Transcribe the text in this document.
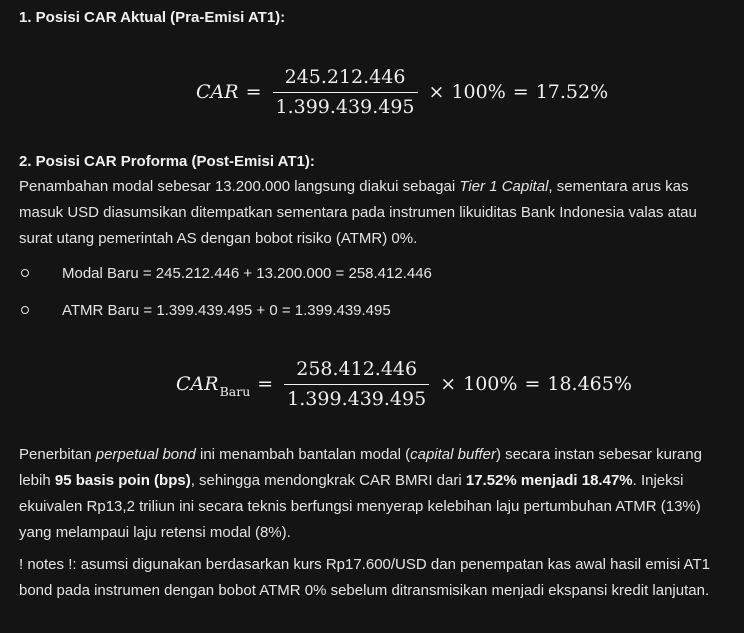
1. Posisi CAR Aktual (Pra-Emisi AT1):
CAR = $\frac{245.212.446}{1.399.439.495} \times 100\% = 17.52\%$
2. Posisi CAR Proforma (Post-Emisi AT1):
Penambahan modal sebesar 13.200.000 langsung diakui sebagai Tier 1 Capital, sementara arus kas masuk USD diasumsikan ditempatkan sementara pada instrumen likuiditas Bank Indonesia valas atau surat utang pemerintah AS dengan bobot risiko (ATMR) 0%.
Modal Baru = 245.212.446 + 13.200.000 = 258.412.446
ATMR Baru = 1.399.439.495 + 0 = 1.399.439.495
$CAR_{Baru} = \frac{258.412.446}{1.399.439.495} \times 100\% = 18.465\%$
Penerbitan perpetual bond ini menambah bantalan modal (capital buffer) secara instan sebesar kurang lebih 95 basis poin (bps), sehingga mendongkrak CAR BMRI dari 17.52% menjadi 18.47%. Injeksi ekuivalen Rp13,2 triliun ini secara teknis berfungsi menyerap kelebihan laju pertumbuhan ATMR (13%) yang melampaui laju retensi modal (8%).
! notes !: asumsi digunakan berdasarkan kurs Rp17.600/USD dan penempatan kas awal hasil emisi AT1 bond pada instrumen dengan bobot ATMR 0% sebelum ditransmisikan menjadi ekspansi kredit lanjutan.
